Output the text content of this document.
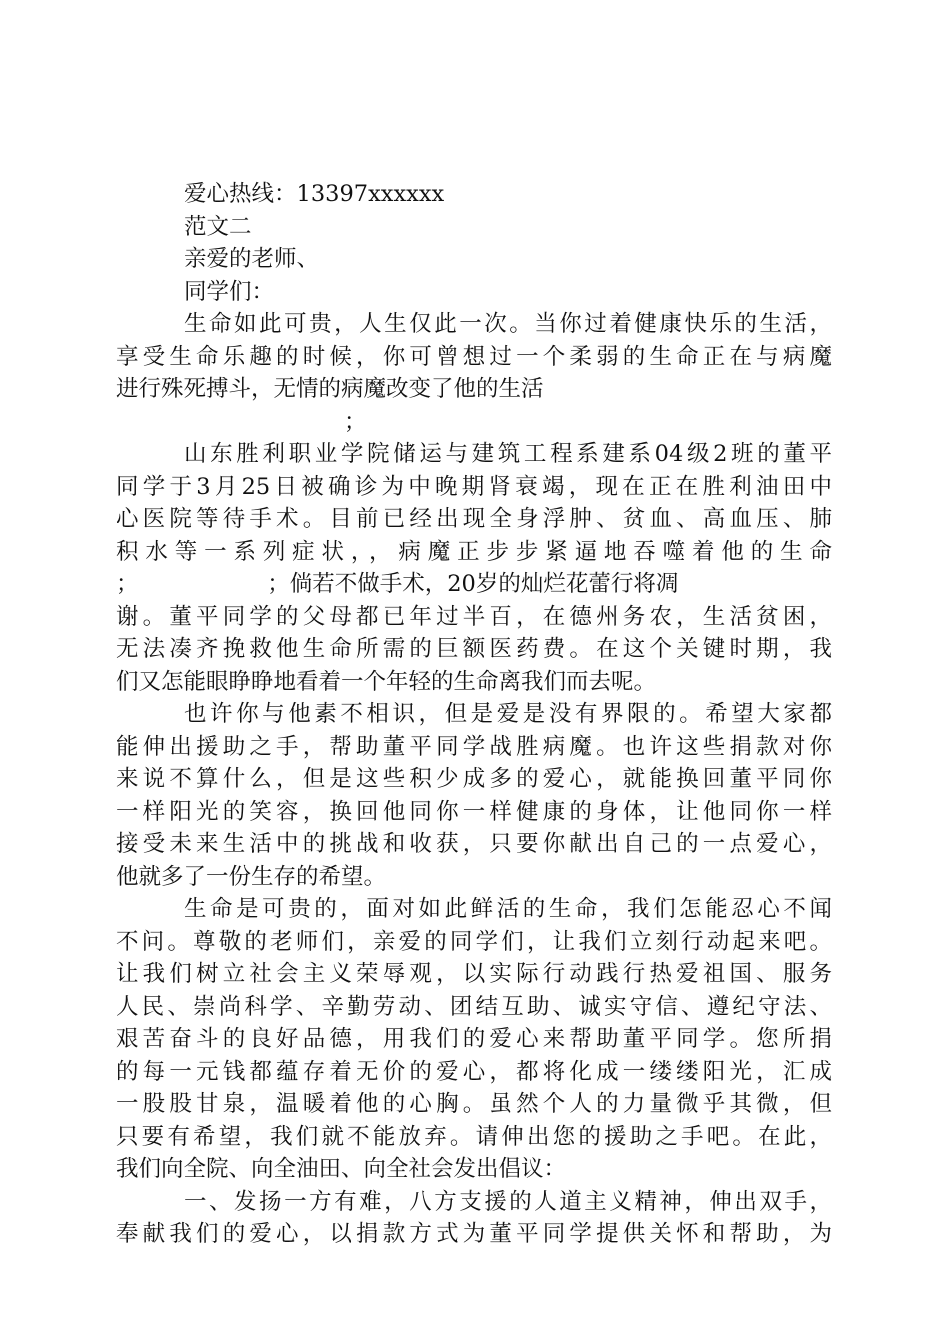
爱心热线：13397xxxxxx
范文二
亲爱的老师、
同学们：
生命如此可贵，人生仅此一次。当你过着健康快乐的生活，
享受生命乐趣的时候，你可曾想过一个柔弱的生命正在与病魔
进行殊死搏斗，无情的病魔改变了他的生活
；
山东胜利职业学院储运与建筑工程系建系04级2班的董平
同学于3月25日被确诊为中晚期肾衰竭，现在正在胜利油田中
心医院等待手术。目前已经出现全身浮肿、贫血、高血压、肺
积水等一系列症状，，病魔正步步紧逼地吞噬着他的生命
；                  ；倘若不做手术，20岁的灿烂花蕾行将凋
谢。董平同学的父母都已年过半百，在德州务农，生活贫困，
无法凑齐挽救他生命所需的巨额医药费。在这个关键时期，我
们又怎能眼睁睁地看着一个年轻的生命离我们而去呢。
也许你与他素不相识，但是爱是没有界限的。希望大家都
能伸出援助之手，帮助董平同学战胜病魔。也许这些捐款对你
来说不算什么，但是这些积少成多的爱心，就能换回董平同你
一样阳光的笑容，换回他同你一样健康的身体，让他同你一样
接受未来生活中的挑战和收获，只要你献出自己的一点爱心，
他就多了一份生存的希望。
生命是可贵的，面对如此鲜活的生命，我们怎能忍心不闻
不问。尊敬的老师们，亲爱的同学们，让我们立刻行动起来吧。
让我们树立社会主义荣辱观，以实际行动践行热爱祖国、服务
人民、崇尚科学、辛勤劳动、团结互助、诚实守信、遵纪守法、
艰苦奋斗的良好品德，用我们的爱心来帮助董平同学。您所捐
的每一元钱都蕴存着无价的爱心，都将化成一缕缕阳光，汇成
一股股甘泉，温暖着他的心胸。虽然个人的力量微乎其微，但
只要有希望，我们就不能放弃。请伸出您的援助之手吧。在此，
我们向全院、向全油田、向全社会发出倡议：
一、发扬一方有难，八方支援的人道主义精神，伸出双手，
奉献我们的爱心，以捐款方式为董平同学提供关怀和帮助，为
